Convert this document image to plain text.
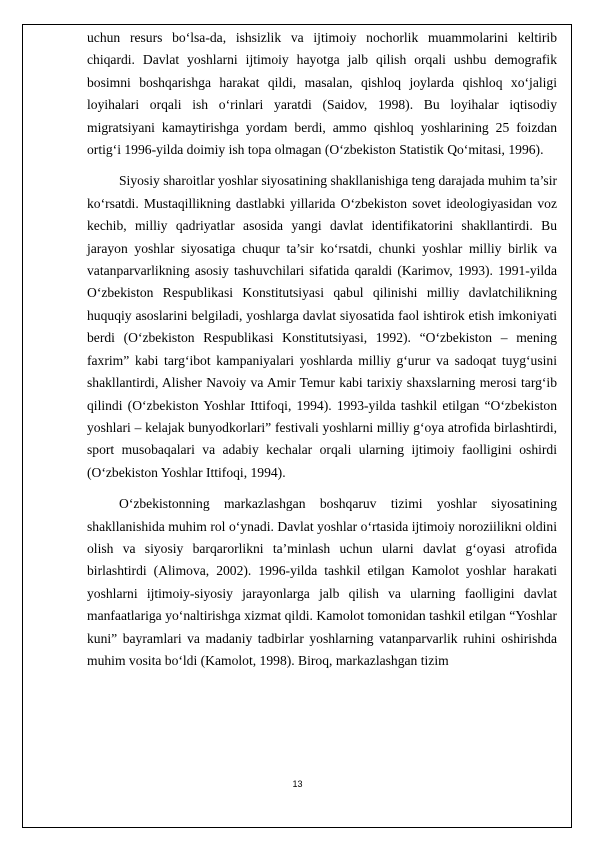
uchun resurs bo‘lsa-da, ishsizlik va ijtimoiy nochorlik muammolarini keltirib chiqardi. Davlat yoshlarni ijtimoiy hayotga jalb qilish orqali ushbu demografik bosimni boshqarishga harakat qildi, masalan, qishloq joylarda qishloq xo‘jaligi loyihalari orqali ish o‘rinlari yaratdi (Saidov, 1998). Bu loyihalar iqtisodiy migratsiyani kamaytirishga yordam berdi, ammo qishloq yoshlarining 25 foizdan ortig‘i 1996-yilda doimiy ish topa olmagan (O‘zbekiston Statistik Qo‘mitasi, 1996).

Siyosiy sharoitlar yoshlar siyosatining shakllanishiga teng darajada muhim ta’sir ko‘rsatdi. Mustaqillikning dastlabki yillarida O‘zbekiston sovet ideologiyasidan voz kechib, milliy qadriyatlar asosida yangi davlat identifikatorini shakllantirdi. Bu jarayon yoshlar siyosatiga chuqur ta’sir ko‘rsatdi, chunki yoshlar milliy birlik va vatanparvarlikning asosiy tashuvchilari sifatida qaraldi (Karimov, 1993). 1991-yilda O‘zbekiston Respublikasi Konstitutsiyasi qabul qilinishi milliy davlatchilikning huquqiy asoslarini belgiladi, yoshlarga davlat siyosatida faol ishtirok etish imkoniyati berdi (O‘zbekiston Respublikasi Konstitutsiyasi, 1992). “O‘zbekiston – mening faxrim” kabi targ‘ibot kampaniyalari yoshlarda milliy g‘urur va sadoqat tuyg‘usini shakllantirdi, Alisher Navoiy va Amir Temur kabi tarixiy shaxslarning merosi targ‘ib qilindi (O‘zbekiston Yoshlar Ittifoqi, 1994). 1993-yilda tashkil etilgan “O‘zbekiston yoshlari – kelajak bunyodkorlari” festivali yoshlarni milliy g‘oya atrofida birlashtirdi, sport musobaqalari va adabiy kechalar orqali ularning ijtimoiy faolligini oshirdi (O‘zbekiston Yoshlar Ittifoqi, 1994).

O‘zbekistonning markazlashgan boshqaruv tizimi yoshlar siyosatining shakllanishida muhim rol o‘ynadi. Davlat yoshlar o‘rtasida ijtimoiy noroziilikni oldini olish va siyosiy barqarorlikni ta’minlash uchun ularni davlat g‘oyasi atrofida birlashtirdi (Alimova, 2002). 1996-yilda tashkil etilgan Kamolot yoshlar harakati yoshlarni ijtimoiy-siyosiy jarayonlarga jalb qilish va ularning faolligini davlat manfaatlariga yo‘naltirishga xizmat qildi. Kamolot tomonidan tashkil etilgan “Yoshlar kuni” bayramlari va madaniy tadbirlar yoshlarning vatanparvarlik ruhini oshirishda muhim vosita bo‘ldi (Kamolot, 1998). Biroq, markazlashgan tizim

13
